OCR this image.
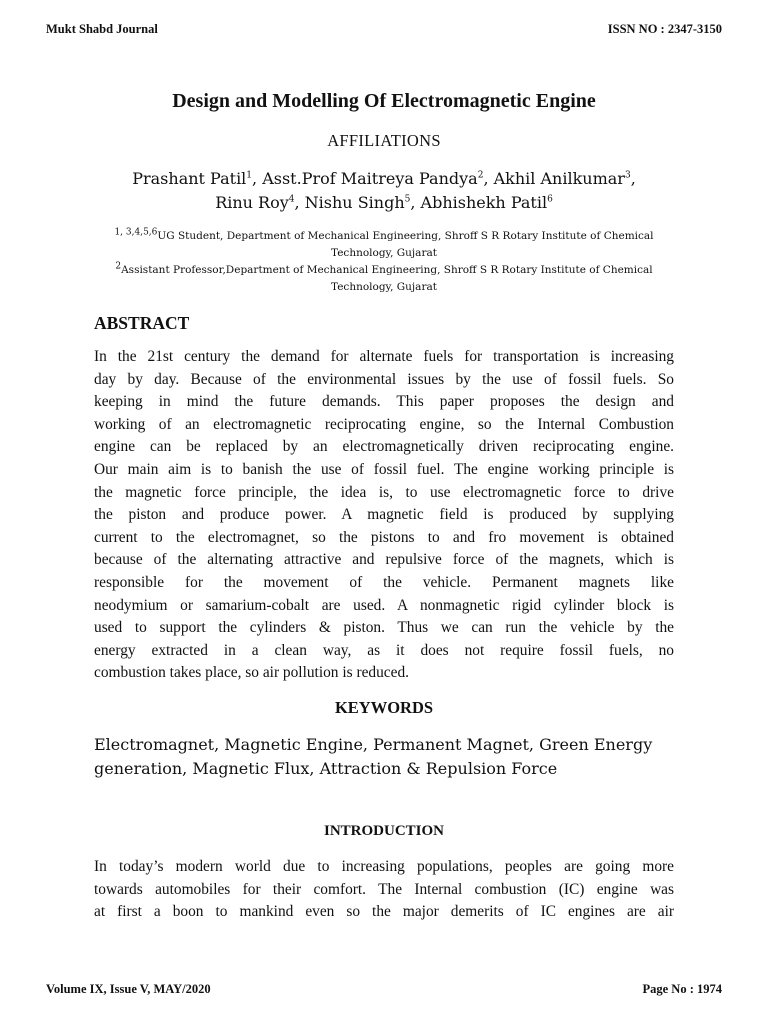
Mukt Shabd Journal	ISSN NO : 2347-3150
Design and Modelling Of Electromagnetic Engine
AFFILIATIONS
Prashant Patil$^1$, Asst.Prof Maitreya Pandya$^2$, Akhil Anilkumar$^3$,
Rinu Roy$^4$, Nishu Singh$^5$, Abhishekh Patil$^6$
$^{1, 3,4,5,6}$UG Student, Department of Mechanical Engineering, Shroff S R Rotary Institute of Chemical
Technology, Gujarat
$^2$Assistant Professor,Department of Mechanical Engineering, Shroff S R Rotary Institute of Chemical
Technology, Gujarat
ABSTRACT
In the 21st century the demand for alternate fuels for transportation is increasing
day by day. Because of the environmental issues by the use of fossil fuels. So
keeping in mind the future demands. This paper proposes the design and
working of an electromagnetic reciprocating engine, so the Internal Combustion
engine can be replaced by an electromagnetically driven reciprocating engine.
Our main aim is to banish the use of fossil fuel. The engine working principle is
the magnetic force principle, the idea is, to use electromagnetic force to drive
the piston and produce power. A magnetic field is produced by supplying
current to the electromagnet, so the pistons to and fro movement is obtained
because of the alternating attractive and repulsive force of the magnets, which is
responsible for the movement of the vehicle. Permanent magnets like
neodymium or samarium-cobalt are used. A nonmagnetic rigid cylinder block is
used to support the cylinders & piston. Thus we can run the vehicle by the
energy extracted in a clean way, as it does not require fossil fuels, no
combustion takes place, so air pollution is reduced.
KEYWORDS
Electromagnet, Magnetic Engine, Permanent Magnet, Green Energy
generation, Magnetic Flux, Attraction & Repulsion Force
INTRODUCTION
In today’s modern world due to increasing populations, peoples are going more
towards automobiles for their comfort. The Internal combustion (IC) engine was
at first a boon to mankind even so the major demerits of IC engines are air
Volume IX, Issue V, MAY/2020	Page No : 1974
